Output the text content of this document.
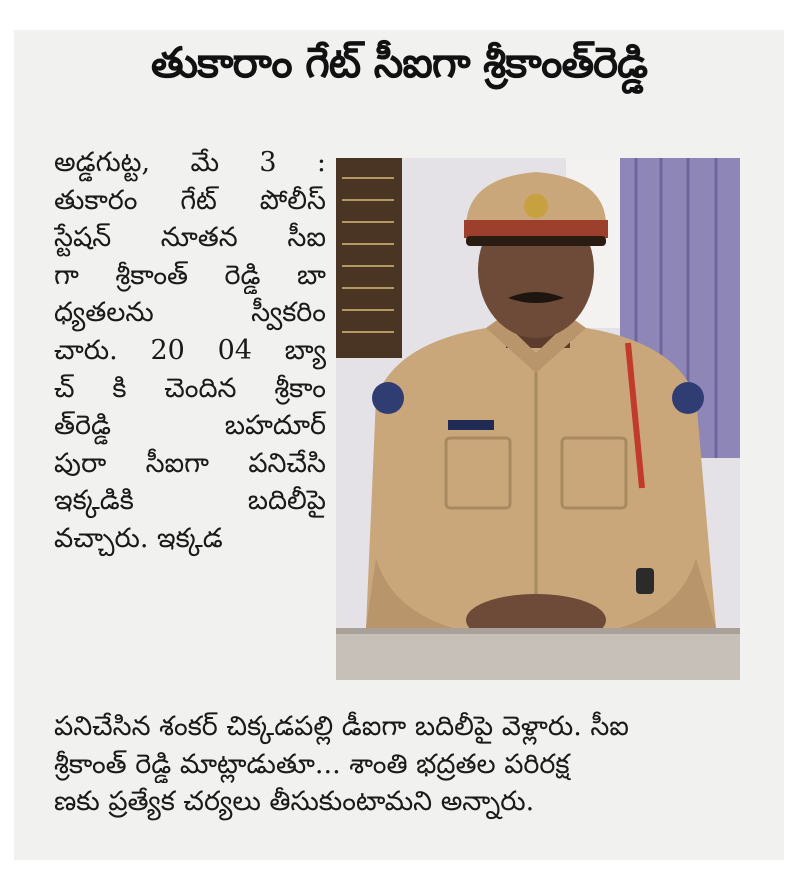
తుకారాం గేట్ సీఐగా శ్రీకాంత్‌రెడ్డి
అడ్డగుట్ట, మే 3 :
తుకారం గేట్ పోలీస్
స్టేషన్ నూతన సీఐ
గా శ్రీకాంత్ రెడ్డి బా
ధ్యతలను స్వీకరిం
చారు. 20 04 బ్యా
చ్ కి చెందిన శ్రీకాం
త్‌రెడ్డి బహదూర్
పురా సీఐగా పనిచేసి
ఇక్కడికి బదిలీపై
వచ్చారు. ఇక్కడ
పనిచేసిన శంకర్ చిక్కడపల్లి డీఐగా బదిలీపై వెళ్లారు. సీఐ
శ్రీకాంత్ రెడ్డి మాట్లాడుతూ... శాంతి భద్రతల పరిరక్ష
ణకు ప్రత్యేక చర్యలు తీసుకుంటామని అన్నారు.
